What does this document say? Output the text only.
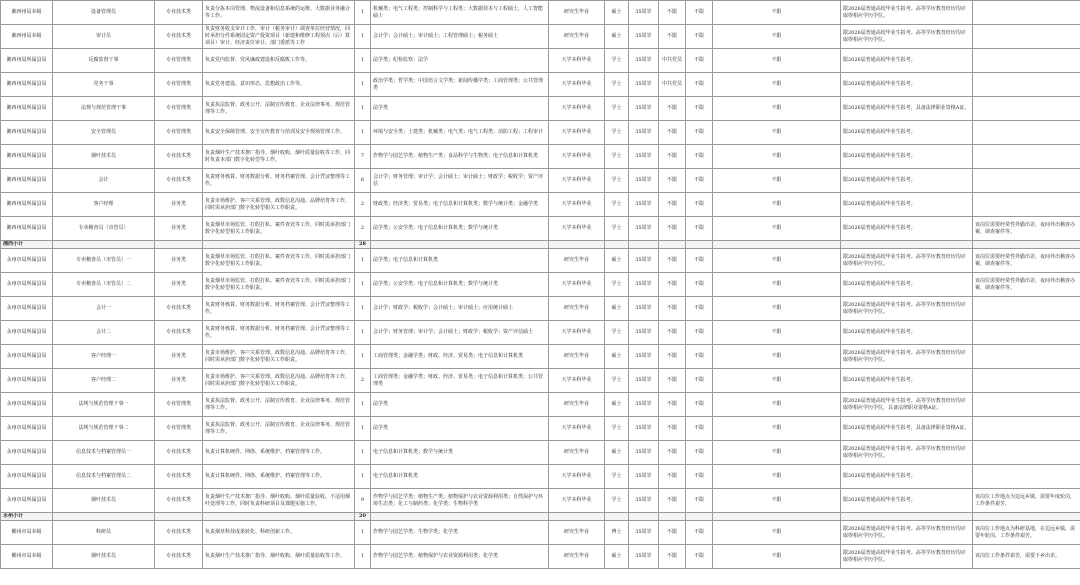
湘西州局本级	设备管理员	专业技术类	负责分拣本岗管理、物流设备和信息系统的运维、大数据业务融合等工作。	1	机械类；电气工程类；控制科学与工程类；大数据技术与工程硕士，人工智能硕士	研究生毕业	硕士	35周岁	不限	不限	不限	限2026届普通高校毕业生报考。高等学历教育经历均应取得相应学历学位。	
湘西州局本级	审计员	专业技术类	负责财务收支审计工作，审计（税务审计）调查单位经营情况，同时承担分件系统固定资产投资项目（新建和维修工程预决（后）算项目）审计、经济责任审计、部门委派等工作	1	会计学；会计硕士；审计硕士；工程管理硕士；税务硕士	研究生毕业	硕士	35周岁	不限	不限	不限	限2026届普通高校毕业生报考。高等学历教育经历均应取得相应学历学位。	
湘西州局所属县局	反腐监督干事	专业管理类	负责党内监督、党风廉政建设和反腐败工作等。	1	法学类；纪检监察；法学	大学本科毕业	学士	35周岁	中共党员	不限	不限	限2026届普通高校毕业生报考。	
湘西州局所属县局	党务干事	专业管理类	负责党务建设、意识形态、思想政治工作等。	1	政治学类；哲学类；中国语言文学类；新闻传播学类；工商管理类；公共管理类	大学本科毕业	学士	35周岁	中共党员	不限	不限	限2026届普通高校毕业生报考。	
湘西州局所属县局	法规与规范管理干事	专业管理类	负责执法监督、政务公开、法制宣传教育、企业法律事务、规范管理等工作。	1	法学类	大学本科毕业	学士	35周岁	不限	不限	不限	限2026届普通高校毕业生报考，具备法律职业资格A证。	
湘西州局所属县局	安全管理员	专业管理类	负责安全保障管理、安全宣传教育与培训及安全规场管理工作。	1	环境与安全类；土建类；机械类；电气类；电气工程类；消防工程；工程审计	大学本科毕业	学士	35周岁	不限	不限	不限	限2026届普通高校毕业生报考。	
湘西州局所属县局	烟叶技术员	专业技术类	负责烟叶生产技术推广指导、烟叶收购、烟叶质量验收等工作，同时负责本部门数字化转型等工作。	7	作物学与园艺学类；植物生产类；食品科学与生物类；电子信息和计算机类	大学本科毕业	学士	35周岁	不限	不限	不限	限2026届普通高校毕业生报考。	
湘西州局所属县局	会计	专业技术类	负责财务核算、财务数据分析、财务档案管理、会计凭证整理等工作。	6	会计学；财务管理；审计学；会计硕士；审计硕士；财政学；税收学；资产评估	大学本科毕业	学士	35周岁	不限	不限	不限	限2026届普通高校毕业生报考。	
湘西州局所属县局	客户经理	业务类	负责市场维护、客户关系管理、政数信息沟通、品牌培育等工作，同时需承担部门数字化转型相关工作职责。	2	财政类；经济类；贸易类；电子信息和计算机类；数学与统计类；金融学类	大学本科毕业	学士	35周岁	不限	不限	不限	限2026届普通高校毕业生报考。	
湘西州局所属县局	专卖稽查员（市管员）	业务类	负责烟草市场监管、打假打私、案件查处等工作，同时需承担部门数字化转型相关工作职责。	2	法学类；公安学类；电子信息和计算机类；数学与统计类	大学本科毕业	学士	35周岁	不限	不限	不限	限2026届普通高校毕业生报考。	该岗位需要经常性外勤出差，夜间外出稽查办案，调查案件等。
湘西小计				28									
永州市局所属县局	专卖稽查员（市管员）一	业务类	负责烟草市场监管、打假打私、案件查处等工作，同时需承担部门数字化转型相关工作职责。	1	法学类；电子信息和计算机类	研究生毕业	硕士	35周岁	不限	不限	不限	限2026届普通高校毕业生报考。高等学历教育经历均应取得相应学历学位。	该岗位需要经常性外勤出差，夜间外出稽查办案，调查案件等。
永州市局所属县局	专卖稽查员（市管员）二	业务类	负责烟草市场监管、打假打私、案件查处等工作，同时需承担部门数字化转型相关工作职责。	1	法学类；公安学类；电子信息和计算机类；数学与统计类	大学本科毕业	学士	35周岁	不限	不限	不限	限2026届普通高校毕业生报考。	该岗位需要经常性外勤出差，夜间外出稽查办案，调查案件等。
永州市局所属县局	会计一	专业技术类	负责财务核算、财务数据分析、财务档案管理、会计凭证整理等工作。	1	会计学；财政学；税收学；会计硕士；审计硕士；应用统计硕士	研究生毕业	硕士	35周岁	不限	不限	不限	限2026届普通高校毕业生报考。高等学历教育经历均应取得相应学历学位。	
永州市局所属县局	会计二	专业技术类	负责财务核算、财务数据分析、财务档案管理、会计凭证整理等工作。	1	会计学；财务管理；审计学；会计硕士；财政学；税收学；资产评估硕士	大学本科毕业	学士	35周岁	不限	不限	不限	限2026届普通高校毕业生报考。	
永州市局所属县局	客户经理一	业务类	负责市场维护、客户关系管理、政数信息沟通、品牌培育等工作，同时需承担部门数字化转型相关工作职责。	1	工商管理类；金融学类；财政、经济、贸易类；电子信息和计算机类	研究生毕业	硕士	35周岁	不限	不限	不限	限2026届普通高校毕业生报考。高等学历教育经历均应取得相应学历学位。	
永州市局所属县局	客户经理二	业务类	负责市场维护、客户关系管理、政数信息沟通、品牌培育等工作，同时需承担部门数字化转型相关工作职责。	2	工商管理类；金融学类；财政、经济、贸易类；电子信息和计算机类；公共管理类	大学本科毕业	学士	35周岁	不限	不限	不限	限2026届普通高校毕业生报考。	
永州市局所属县局	法规与规范管理干事一	专业管理类	负责执法监督、政务公开、法制宣传教育、企业法律事务、规范管理等工作。	1	法学类	研究生毕业	硕士	35周岁	不限	不限	不限	限2026届普通高校毕业生报考。高等学历教育经历均应取得相应学历学位，具备法律职业资格A证。	
永州市局所属县局	法规与规范管理干事二	专业管理类	负责执法监督、政务公开、法制宣传教育、企业法律事务、规范管理等工作。	1	法学类	大学本科毕业	学士	35周岁	不限	不限	不限	限2026届普通高校毕业生报考，具备法律职业资格A证。	
永州市局所属县局	信息技术与档案管理员一	专业技术类	负责计算机硬件、网络、系统维护、档案管理等工作。	1	电子信息和计算机类；数学与统计类	研究生毕业	硕士	35周岁	不限	不限	不限	限2026届普通高校毕业生报考。高等学历教育经历均应取得相应学历学位。	
永州市局所属县局	信息技术与档案管理员二	专业技术类	负责计算机硬件、网络、系统维护、档案管理等工作。	1	电子信息和计算机类	大学本科毕业	学士	35周岁	不限	不限	不限	限2026届普通高校毕业生报考。	
永州市局所属县局	烟叶技术员	专业技术类	负责烟叶生产技术推广指导、烟叶收购、烟叶质量验收、不适用烟叶处理等工作，同时负责科研项目及课题实施工作。	9	作物学与园艺学类；植物生产类；植物保护与农业资源利用类；自然保护与环境生态类；化工与制药类；化学类；生物科学类	大学本科毕业	学士	35周岁	不限	不限	不限	限2026届普通高校毕业生报考。	该岗位工作地点为边远乡镇，需要年度轮岗，工作条件艰苦。
永州小计				20									
郴州市局本级	科研员	专业技术类	负责烟草科技成果转化、科研创新工作。	1	作物学与园艺学类；生物学类；化学类	研究生毕业	博士	35周岁	不限	不限	不限	限2026届普通高校毕业生报考。高等学历教育经历均应取得相应学历学位。	该岗位工作地点为科研基地，在边远乡镇，需要年轮岗，工作条件艰苦。
郴州市局本级	烟叶技术员	专业技术类	负责烟叶生产技术推广指导、烟叶收购、烟叶质量验收等工作。	1	作物学与园艺学类；植物保护与农业资源利用类；化学类	研究生毕业	硕士	35周岁	不限	不限	不限	限2026届普通高校毕业生报考。高等学历教育经历均应取得相应学历学位。	该岗位工作条件艰苦，需要下乡出差。
